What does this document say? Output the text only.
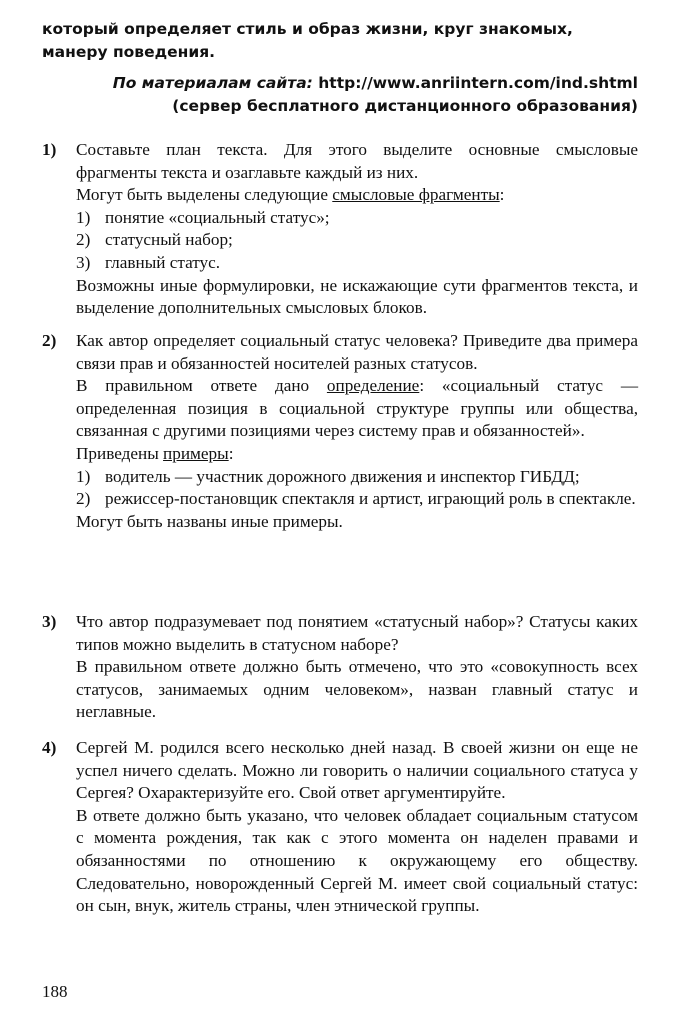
который определяет стиль и образ жизни, круг знакомых, манеру поведения.
По материалам сайта: http://www.anriintern.com/ind.shtml
(сервер бесплатного дистанционного образования)
1) Составьте план текста. Для этого выделите основные смысловые фрагменты текста и озаглавьте каждый из них.

Могут быть выделены следующие смысловые фрагменты:

1) понятие «социальный статус»;
2) статусный набор;
3) главный статус.

Возможны иные формулировки, не искажающие сути фрагментов текста, и выделение дополнительных смысловых блоков.

2) Как автор определяет социальный статус человека? Приведите два примера связи прав и обязанностей носителей разных статусов.

В правильном ответе дано определение: «социальный статус — определенная позиция в социальной структуре группы или общества, связанная с другими позициями через систему прав и обязанностей».

Приведены примеры:

1) водитель — участник дорожного движения и инспектор ГИБДД;
2) режиссер-постановщик спектакля и артист, играющий роль в спектакле.

Могут быть названы иные примеры.

3) Что автор подразумевает под понятием «статусный набор»? Статусы каких типов можно выделить в статусном наборе?

В правильном ответе должно быть отмечено, что это «совокупность всех статусов, занимаемых одним человеком», назван главный статус и неглавные.

4) Сергей М. родился всего несколько дней назад. В своей жизни он еще не успел ничего сделать. Можно ли говорить о наличии социального статуса у Сергея? Охарактеризуйте его. Свой ответ аргументируйте.

В ответе должно быть указано, что человек обладает социальным статусом с момента рождения, так как с этого момента он наделен правами и обязанностями по отношению к окружающему его обществу. Следовательно, новорожденный Сергей М. имеет свой социальный статус: он сын, внук, житель страны, член этнической группы.

188
